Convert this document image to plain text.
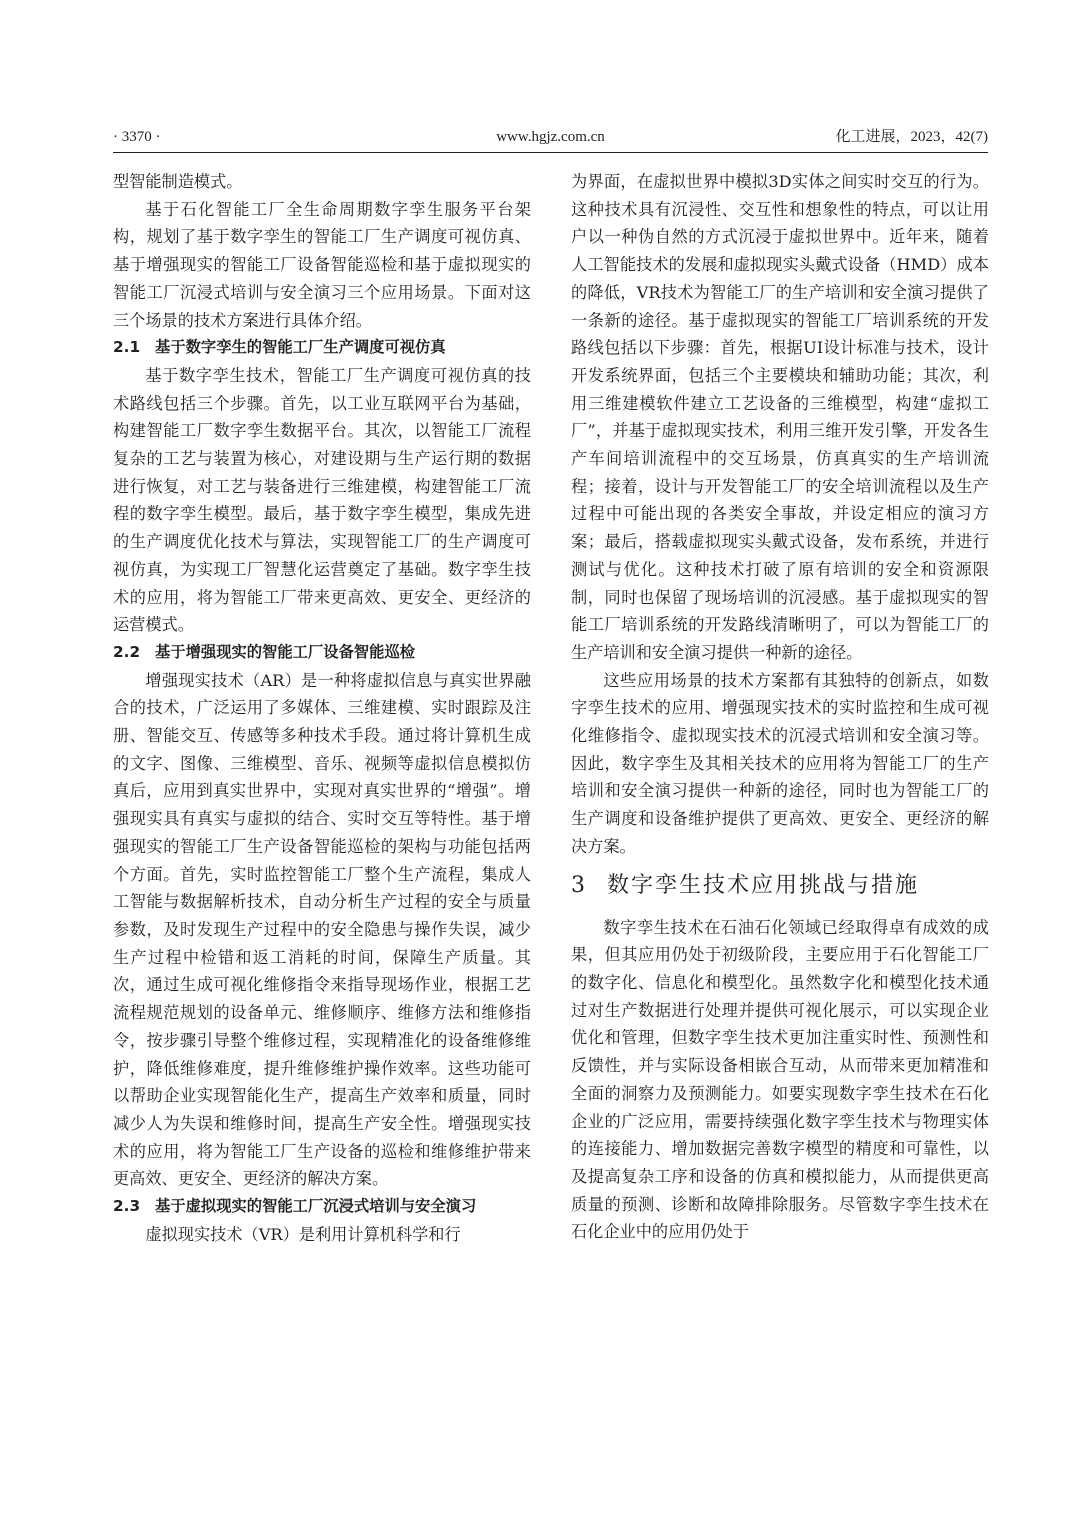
· 3370 ·	www.hgjz.com.cn	化工进展，2023，42(7)

型智能制造模式。

基于石化智能工厂全生命周期数字孪生服务平台架构，规划了基于数字孪生的智能工厂生产调度可视仿真、基于增强现实的智能工厂设备智能巡检和基于虚拟现实的智能工厂沉浸式培训与安全演习三个应用场景。下面对这三个场景的技术方案进行具体介绍。

2.1 基于数字孪生的智能工厂生产调度可视仿真

基于数字孪生技术，智能工厂生产调度可视仿真的技术路线包括三个步骤。首先，以工业互联网平台为基础，构建智能工厂数字孪生数据平台。其次，以智能工厂流程复杂的工艺与装置为核心，对建设期与生产运行期的数据进行恢复，对工艺与装备进行三维建模，构建智能工厂流程的数字孪生模型。最后，基于数字孪生模型，集成先进的生产调度优化技术与算法，实现智能工厂的生产调度可视仿真，为实现工厂智慧化运营奠定了基础。数字孪生技术的应用，将为智能工厂带来更高效、更安全、更经济的运营模式。

2.2 基于增强现实的智能工厂设备智能巡检

增强现实技术（AR）是一种将虚拟信息与真实世界融合的技术，广泛运用了多媒体、三维建模、实时跟踪及注册、智能交互、传感等多种技术手段。通过将计算机生成的文字、图像、三维模型、音乐、视频等虚拟信息模拟仿真后，应用到真实世界中，实现对真实世界的“增强”。增强现实具有真实与虚拟的结合、实时交互等特性。基于增强现实的智能工厂生产设备智能巡检的架构与功能包括两个方面。首先，实时监控智能工厂整个生产流程，集成人工智能与数据解析技术，自动分析生产过程的安全与质量参数，及时发现生产过程中的安全隐患与操作失误，减少生产过程中检错和返工消耗的时间，保障生产质量。其次，通过生成可视化维修指令来指导现场作业，根据工艺流程规范规划的设备单元、维修顺序、维修方法和维修指令，按步骤引导整个维修过程，实现精准化的设备维修维护，降低维修难度，提升维修维护操作效率。这些功能可以帮助企业实现智能化生产，提高生产效率和质量，同时减少人为失误和维修时间，提高生产安全性。增强现实技术的应用，将为智能工厂生产设备的巡检和维修维护带来更高效、更安全、更经济的解决方案。

2.3 基于虚拟现实的智能工厂沉浸式培训与安全演习

虚拟现实技术（VR）是利用计算机科学和行

为界面，在虚拟世界中模拟3D实体之间实时交互的行为。这种技术具有沉浸性、交互性和想象性的特点，可以让用户以一种伪自然的方式沉浸于虚拟世界中。近年来，随着人工智能技术的发展和虚拟现实头戴式设备（HMD）成本的降低，VR技术为智能工厂的生产培训和安全演习提供了一条新的途径。基于虚拟现实的智能工厂培训系统的开发路线包括以下步骤：首先，根据UI设计标准与技术，设计开发系统界面，包括三个主要模块和辅助功能；其次，利用三维建模软件建立工艺设备的三维模型，构建“虚拟工厂”，并基于虚拟现实技术，利用三维开发引擎，开发各生产车间培训流程中的交互场景，仿真真实的生产培训流程；接着，设计与开发智能工厂的安全培训流程以及生产过程中可能出现的各类安全事故，并设定相应的演习方案；最后，搭载虚拟现实头戴式设备，发布系统，并进行测试与优化。这种技术打破了原有培训的安全和资源限制，同时也保留了现场培训的沉浸感。基于虚拟现实的智能工厂培训系统的开发路线清晰明了，可以为智能工厂的生产培训和安全演习提供一种新的途径。

这些应用场景的技术方案都有其独特的创新点，如数字孪生技术的应用、增强现实技术的实时监控和生成可视化维修指令、虚拟现实技术的沉浸式培训和安全演习等。因此，数字孪生及其相关技术的应用将为智能工厂的生产培训和安全演习提供一种新的途径，同时也为智能工厂的生产调度和设备维护提供了更高效、更安全、更经济的解决方案。

3 数字孪生技术应用挑战与措施

数字孪生技术在石油石化领域已经取得卓有成效的成果，但其应用仍处于初级阶段，主要应用于石化智能工厂的数字化、信息化和模型化。虽然数字化和模型化技术通过对生产数据进行处理并提供可视化展示，可以实现企业优化和管理，但数字孪生技术更加注重实时性、预测性和反馈性，并与实际设备相嵌合互动，从而带来更加精准和全面的洞察力及预测能力。如要实现数字孪生技术在石化企业的广泛应用，需要持续强化数字孪生技术与物理实体的连接能力、增加数据完善数字模型的精度和可靠性，以及提高复杂工序和设备的仿真和模拟能力，从而提供更高质量的预测、诊断和故障排除服务。尽管数字孪生技术在石化企业中的应用仍处于
